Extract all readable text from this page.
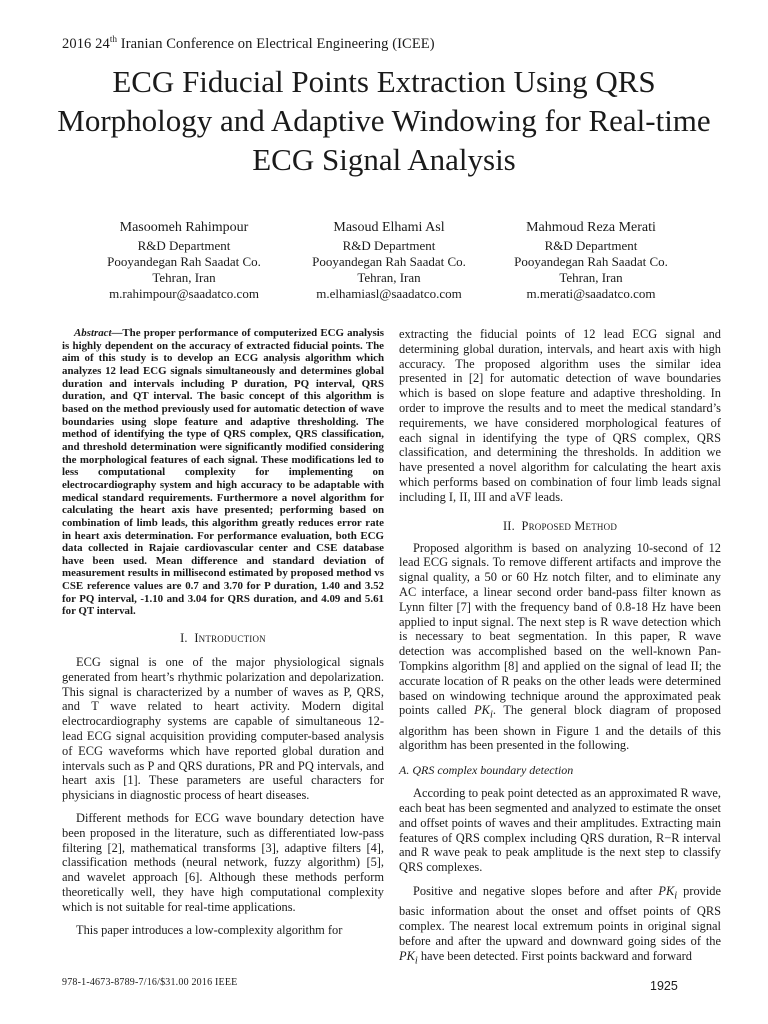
2016 24th Iranian Conference on Electrical Engineering (ICEE)
ECG Fiducial Points Extraction Using QRS Morphology and Adaptive Windowing for Real-time ECG Signal Analysis
Masoomeh Rahimpour
R&D Department
Pooyandegan Rah Saadat Co.
Tehran, Iran
m.rahimpour@saadatco.com
Masoud Elhami Asl
R&D Department
Pooyandegan Rah Saadat Co.
Tehran, Iran
m.elhamiasl@saadatco.com
Mahmoud Reza Merati
R&D Department
Pooyandegan Rah Saadat Co.
Tehran, Iran
m.merati@saadatco.com

Abstract—The proper performance of computerized ECG analysis is highly dependent on the accuracy of extracted fiducial points. The aim of this study is to develop an ECG analysis algorithm which analyzes 12 lead ECG signals simultaneously and determines global duration and intervals including P duration, PQ interval, QRS duration, and QT interval. The basic concept of this algorithm is based on the method previously used for automatic detection of wave boundaries using slope feature and adaptive thresholding. The method of identifying the type of QRS complex, QRS classification, and threshold determination were significantly modified considering the morphological features of each signal. These modifications led to less computational complexity for implementing on electrocardiography system and high accuracy to be adaptable with medical standard requirements. Furthermore a novel algorithm for calculating the heart axis have presented; performing based on combination of limb leads, this algorithm greatly reduces error rate in heart axis determination. For performance evaluation, both ECG data collected in Rajaie cardiovascular center and CSE database have been used. Mean difference and standard deviation of measurement results in millisecond estimated by proposed method vs CSE reference values are 0.7 and 3.70 for P duration, 1.40 and 3.52 for PQ interval, -1.10 and 3.04 for QRS duration, and 4.09 and 5.61 for QT interval.

I. Introduction

ECG signal is one of the major physiological signals generated from heart’s rhythmic polarization and depolarization. This signal is characterized by a number of waves as P, QRS, and T wave related to heart activity. Modern digital electrocardiography systems are capable of simultaneous 12-lead ECG signal acquisition providing computer-based analysis of ECG waveforms which have reported global duration and intervals such as P and QRS durations, PR and PQ intervals, and heart axis [1]. These parameters are useful characters for physicians in diagnostic process of heart diseases.

Different methods for ECG wave boundary detection have been proposed in the literature, such as differentiated low-pass filtering [2], mathematical transforms [3], adaptive filters [4], classification methods (neural network, fuzzy algorithm) [5], and wavelet approach [6]. Although these methods perform theoretically well, they have high computational complexity which is not suitable for real-time applications.

This paper introduces a low-complexity algorithm for

extracting the fiducial points of 12 lead ECG signal and determining global duration, intervals, and heart axis with high accuracy. The proposed algorithm uses the similar idea presented in [2] for automatic detection of wave boundaries which is based on slope feature and adaptive thresholding. In order to improve the results and to meet the medical standard’s requirements, we have considered morphological features of each signal in identifying the type of QRS complex, QRS classification, and determining the thresholds. In addition we have presented a novel algorithm for calculating the heart axis which performs based on combination of four limb leads signal including I, II, III and aVF leads.

II. Proposed Method

Proposed algorithm is based on analyzing 10-second of 12 lead ECG signals. To remove different artifacts and improve the signal quality, a 50 or 60 Hz notch filter, and to eliminate any AC interface, a linear second order band-pass filter known as Lynn filter [7] with the frequency band of 0.8-18 Hz have been applied to input signal. The next step is R wave detection which is necessary to beat segmentation. In this paper, R wave detection was accomplished based on the well-known Pan-Tompkins algorithm [8] and applied on the signal of lead II; the accurate location of R peaks on the other leads were determined based on windowing technique around the approximated peak points called $PK_i$. The general block diagram of proposed algorithm has been shown in Figure 1 and the details of this algorithm has been presented in the following.

A. QRS complex boundary detection

According to peak point detected as an approximated R wave, each beat has been segmented and analyzed to estimate the onset and offset points of waves and their amplitudes. Extracting main features of QRS complex including QRS duration, R−R interval and R wave peak to peak amplitude is the next step to classify QRS complexes.

Positive and negative slopes before and after $PK_i$ provide basic information about the onset and offset points of QRS complex. The nearest local extremum points in original signal before and after the upward and downward going sides of the $PK_i$ have been detected. First points backward and forward

978-1-4673-8789-7/16/$31.00 2016 IEEE	1925
